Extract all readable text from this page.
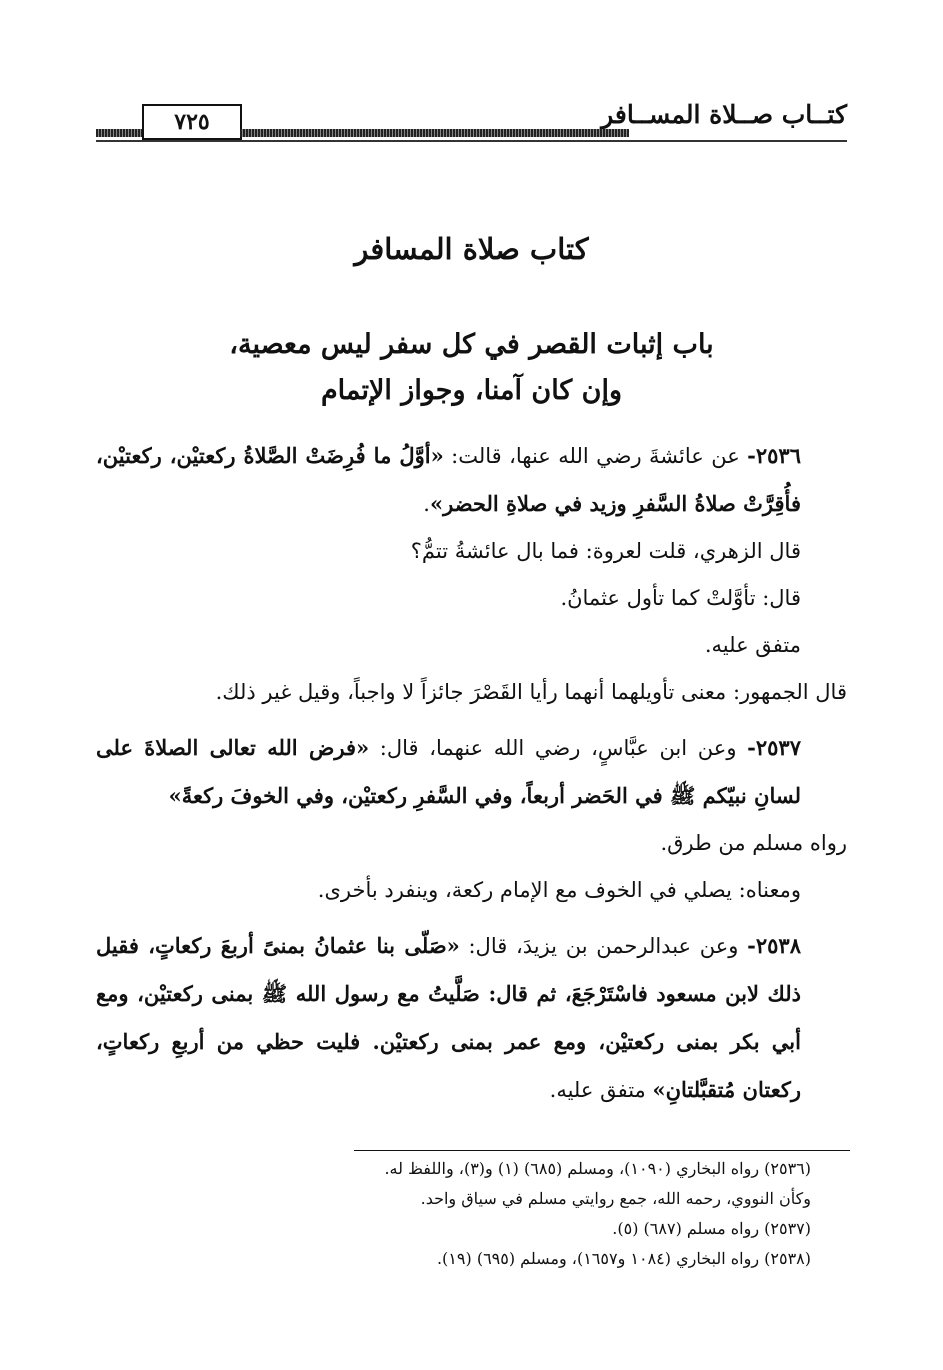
كتــاب صــلاة المســافر
٧٢٥
كتاب صلاة المسافر
باب إثبات القصر في كل سفر ليس معصية،
وإن كان آمنا، وجواز الإتمام

٢٥٣٦- عن عائشةَ رضي الله عنها، قالت: «أوَّلُ ما فُرِضَتْ الصَّلاةُ ركعتيْن، ركعتيْن، فأُقِرَّتْ صلاةُ السَّفرِ وزيد في صلاةِ الحضر».

قال الزهري، قلت لعروة: فما بال عائشةُ تتمُّ؟

قال: تأوَّلتْ كما تأول عثمانُ.

متفق عليه.

قال الجمهور: معنى تأويلهما أنهما رأيا القَصْرَ جائزاً لا واجباً، وقيل غير ذلك.

٢٥٣٧- وعن ابن عبَّاسٍ، رضي الله عنهما، قال: «فرض الله تعالى الصلاةَ على لسانِ نبيّكم ﷺ في الحَضر أربعاً، وفي السَّفرِ ركعتيْن، وفي الخوفَ ركعةً»

رواه مسلم من طرق.

ومعناه: يصلي في الخوف مع الإمام ركعة، وينفرد بأخرى.

٢٥٣٨- وعن عبدالرحمن بن يزيدَ، قال: «صَلّى بنا عثمانُ بمنىً أربعَ ركعاتٍ، فقيل ذلك لابن مسعود فاسْتَرْجَعَ، ثم قال: صَلَّيتُ مع رسول الله ﷺ بمنى ركعتيْن، ومع أبي بكر بمنى ركعتيْن، ومع عمر بمنى ركعتيْن. فليت حظي من أربعِ ركعاتٍ، ركعتان مُتقبَّلتانِ» متفق عليه.

(٢٥٣٦) رواه البخاري (١٠٩٠)، ومسلم (٦٨٥) (١) و(٣)، واللفظ له.

وكأن النووي، رحمه الله، جمع روايتي مسلم في سياق واحد.

(٢٥٣٧) رواه مسلم (٦٨٧) (٥).

(٢٥٣٨) رواه البخاري (١٠٨٤ و١٦٥٧)، ومسلم (٦٩٥) (١٩).
